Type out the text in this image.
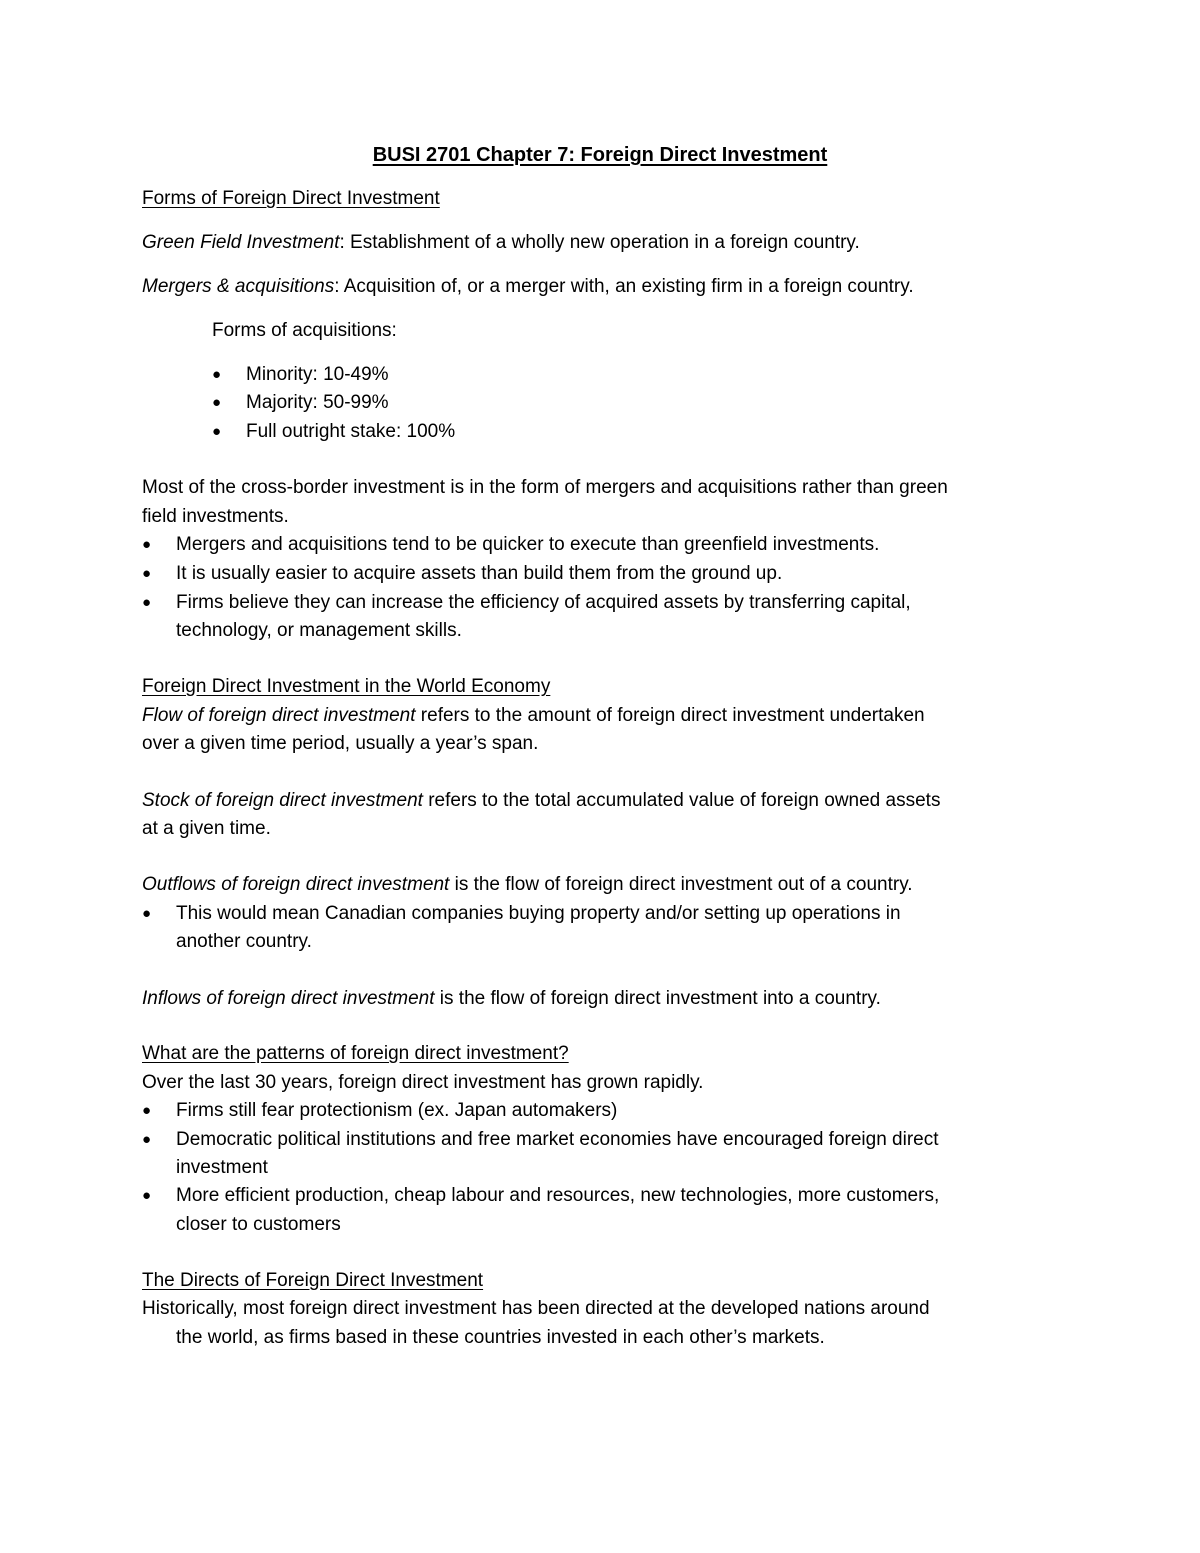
BUSI 2701 Chapter 7: Foreign Direct Investment
Forms of Foreign Direct Investment
Green Field Investment: Establishment of a wholly new operation in a foreign country.
Mergers & acquisitions: Acquisition of, or a merger with, an existing firm in a foreign country.
Forms of acquisitions:
● Minority: 10-49%
● Majority: 50-99%
● Full outright stake: 100%
Most of the cross-border investment is in the form of mergers and acquisitions rather than green
field investments.
● Mergers and acquisitions tend to be quicker to execute than greenfield investments.
● It is usually easier to acquire assets than build them from the ground up.
● Firms believe they can increase the efficiency of acquired assets by transferring capital,
technology, or management skills.
Foreign Direct Investment in the World Economy
Flow of foreign direct investment refers to the amount of foreign direct investment undertaken
over a given time period, usually a year’s span.
Stock of foreign direct investment refers to the total accumulated value of foreign owned assets
at a given time.
Outflows of foreign direct investment is the flow of foreign direct investment out of a country.
● This would mean Canadian companies buying property and/or setting up operations in
another country.
Inflows of foreign direct investment is the flow of foreign direct investment into a country.
What are the patterns of foreign direct investment?
Over the last 30 years, foreign direct investment has grown rapidly.
● Firms still fear protectionism (ex. Japan automakers)
● Democratic political institutions and free market economies have encouraged foreign direct
investment
● More efficient production, cheap labour and resources, new technologies, more customers,
closer to customers
The Directs of Foreign Direct Investment
Historically, most foreign direct investment has been directed at the developed nations around
the world, as firms based in these countries invested in each other’s markets.
